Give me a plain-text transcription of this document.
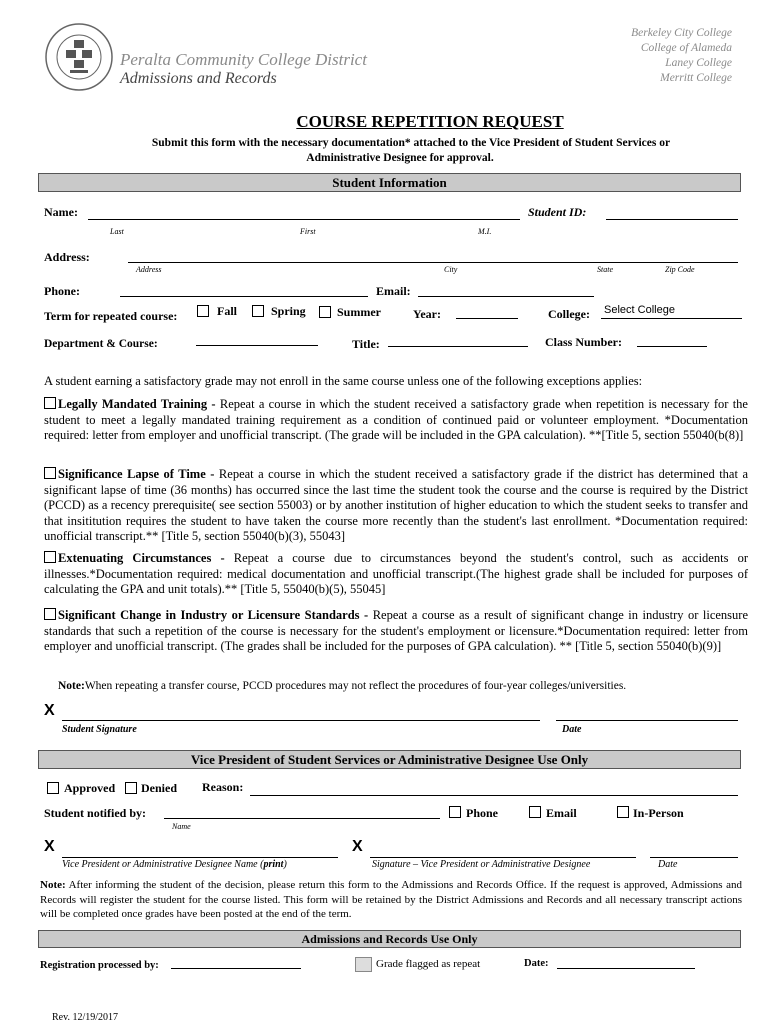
Peralta Community College District
Admissions and Records
Berkeley City College
College of Alameda
Laney College
Merritt College
COURSE REPETITION REQUEST
Submit this form with the necessary documentation* attached to the Vice President of Student Services or
Administrative Designee for approval.
Student Information
Name:	Student ID:
Last	First	M.I.
Address:
Address	City	State	Zip Code
Phone:	Email:
Term for repeated course:	Fall	Spring	Summer	Year:	College: Select College
Department & Course:	Title:	Class Number:
A student earning a satisfactory grade may not enroll in the same course unless one of the following exceptions applies:
Legally Mandated Training - Repeat a course in which the student received a satisfactory grade when repetition is necessary for the student to meet a legally mandated training requirement as a condition of continued paid or volunteer employment. *Documentation required: letter from employer and unofficial transcript. (The grade will be included in the GPA calculation). **[Title 5, section 55040(b(8)]
Significance Lapse of Time - Repeat a course in which the student received a satisfactory grade if the district has determined that a significant lapse of time (36 months) has occurred since the last time the student took the course and the course is required by the District (PCCD) as a recency prerequisite( see section 55003) or by another institution of higher education to which the student seeks to transfer and that insititution requires the student to have taken the course more recently than the student's last enrollment. *Documentation required: unofficial transcript.** [Title 5, section 55040(b)(3), 55043]
Extenuating Circumstances - Repeat a course due to circumstances beyond the student's control, such as accidents or illnesses.*Documentation required: medical documentation and unofficial transcript.(The highest grade shall be included for purposes of calculating the GPA and unit totals).** [Title 5, 55040(b)(5), 55045]
Significant Change in Industry or Licensure Standards - Repeat a course as a result of significant change in industry or licensure standards that such a repetition of the course is necessary for the student's employment or licensure.*Documentation required: letter from employer and unofficial transcript. (The grades shall be included for the purposes of GPA calculation). ** [Title 5, section 55040(b)(9)]
Note:When repeating a transfer course, PCCD procedures may not reflect the procedures of four-year colleges/universities.
X
Student Signature	Date
Vice President of Student Services or Administrative Designee Use Only
Approved Denied Reason:
Student notified by:
Name
Phone	Email	In-Person
X
Vice President or Administrative Designee Name (print)
X
Signature – Vice President or Administrative Designee	Date
Note: After informing the student of the decision, please return this form to the Admissions and Records Office. If the request is approved, Admissions and Records will register the student for the course listed. This form will be retained by the District Admissions and Records and all necessary transcript actions will be completed once grades have been posted at the end of the term.
Admissions and Records Use Only
Registration processed by:	Grade flagged as repeat	Date:
Rev. 12/19/2017
